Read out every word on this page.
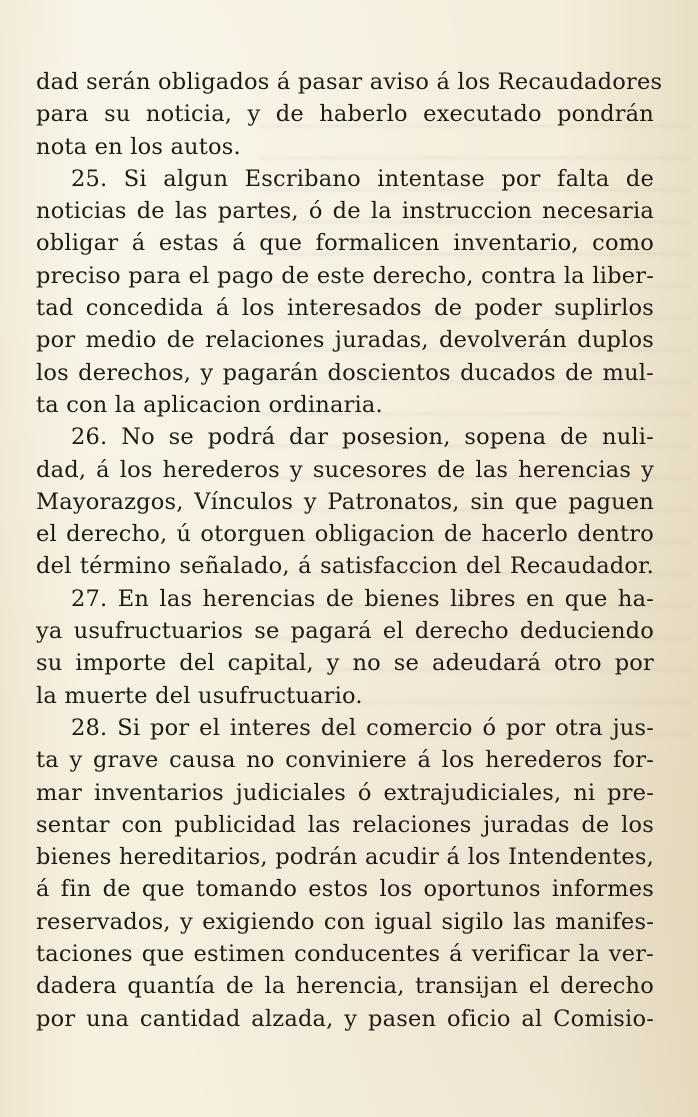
dad serán obligados á pasar aviso á los Recaudadores
para su noticia, y de haberlo executado pondrán
nota en los autos.
25. Si algun Escribano intentase por falta de
noticias de las partes, ó de la instruccion necesaria
obligar á estas á que formalicen inventario, como
preciso para el pago de este derecho, contra la liber-
tad concedida á los interesados de poder suplirlos
por medio de relaciones juradas, devolverán duplos
los derechos, y pagarán doscientos ducados de mul-
ta con la aplicacion ordinaria.
26. No se podrá dar posesion, sopena de nuli-
dad, á los herederos y sucesores de las herencias y
Mayorazgos, Vínculos y Patronatos, sin que paguen
el derecho, ú otorguen obligacion de hacerlo dentro
del término señalado, á satisfaccion del Recaudador.
27. En las herencias de bienes libres en que ha-
ya usufructuarios se pagará el derecho deduciendo
su importe del capital, y no se adeudará otro por
la muerte del usufructuario.
28. Si por el interes del comercio ó por otra jus-
ta y grave causa no conviniere á los herederos for-
mar inventarios judiciales ó extrajudiciales, ni pre-
sentar con publicidad las relaciones juradas de los
bienes hereditarios, podrán acudir á los Intendentes,
á fin de que tomando estos los oportunos informes
reservados, y exigiendo con igual sigilo las manifes-
taciones que estimen conducentes á verificar la ver-
dadera quantía de la herencia, transijan el derecho
por una cantidad alzada, y pasen oficio al Comisio-
